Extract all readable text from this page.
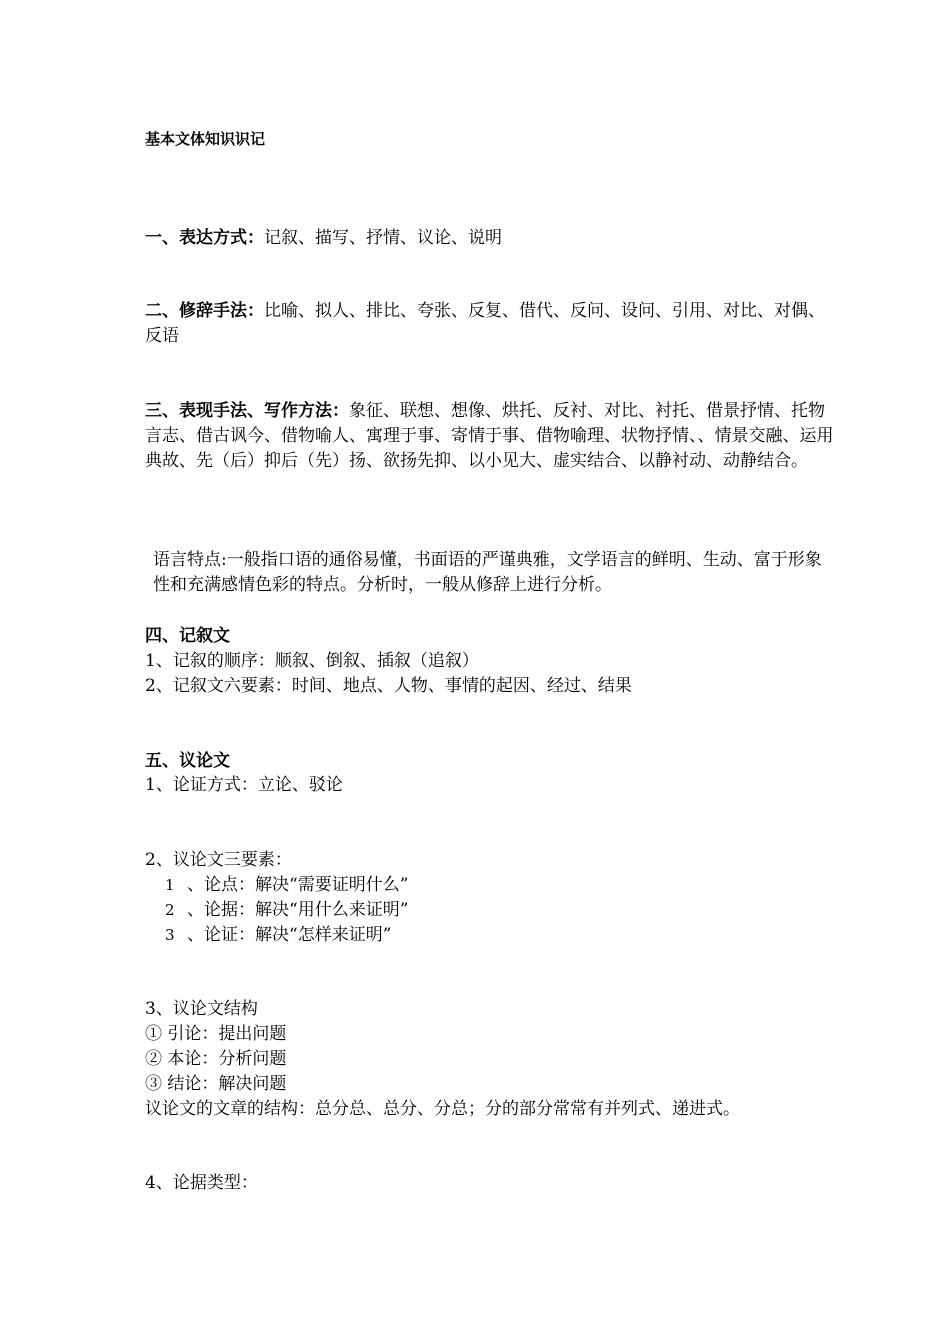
基本文体知识识记

一、表达方式：记叙、描写、抒情、议论、说明

二、修辞手法：比喻、拟人、排比、夸张、反复、借代、反问、设问、引用、对比、对偶、反语

三、表现手法、写作方法：象征、联想、想像、烘托、反衬、对比、衬托、借景抒情、托物言志、借古讽今、借物喻人、寓理于事、寄情于事、借物喻理、状物抒情、、情景交融、运用典故、先（后）抑后（先）扬、欲扬先抑、以小见大、虚实结合、以静衬动、动静结合。

语言特点:一般指口语的通俗易懂，书面语的严谨典雅，文学语言的鲜明、生动、富于形象性和充满感情色彩的特点。分析时，一般从修辞上进行分析。

四、记叙文
1、记叙的顺序：顺叙、倒叙、插叙（追叙）
2、记叙文六要素：时间、地点、人物、事情的起因、经过、结果
五、议论文
1、论证方式：立论、驳论
2、议论文三要素：
1 、论点：解决“需要证明什么”
2 、论据：解决“用什么来证明”
3 、论证：解决“怎样来证明”
3、议论文结构
① 引论：提出问题
② 本论：分析问题
③ 结论：解决问题
议论文的文章的结构：总分总、总分、分总；分的部分常常有并列式、递进式。
4、论据类型：
